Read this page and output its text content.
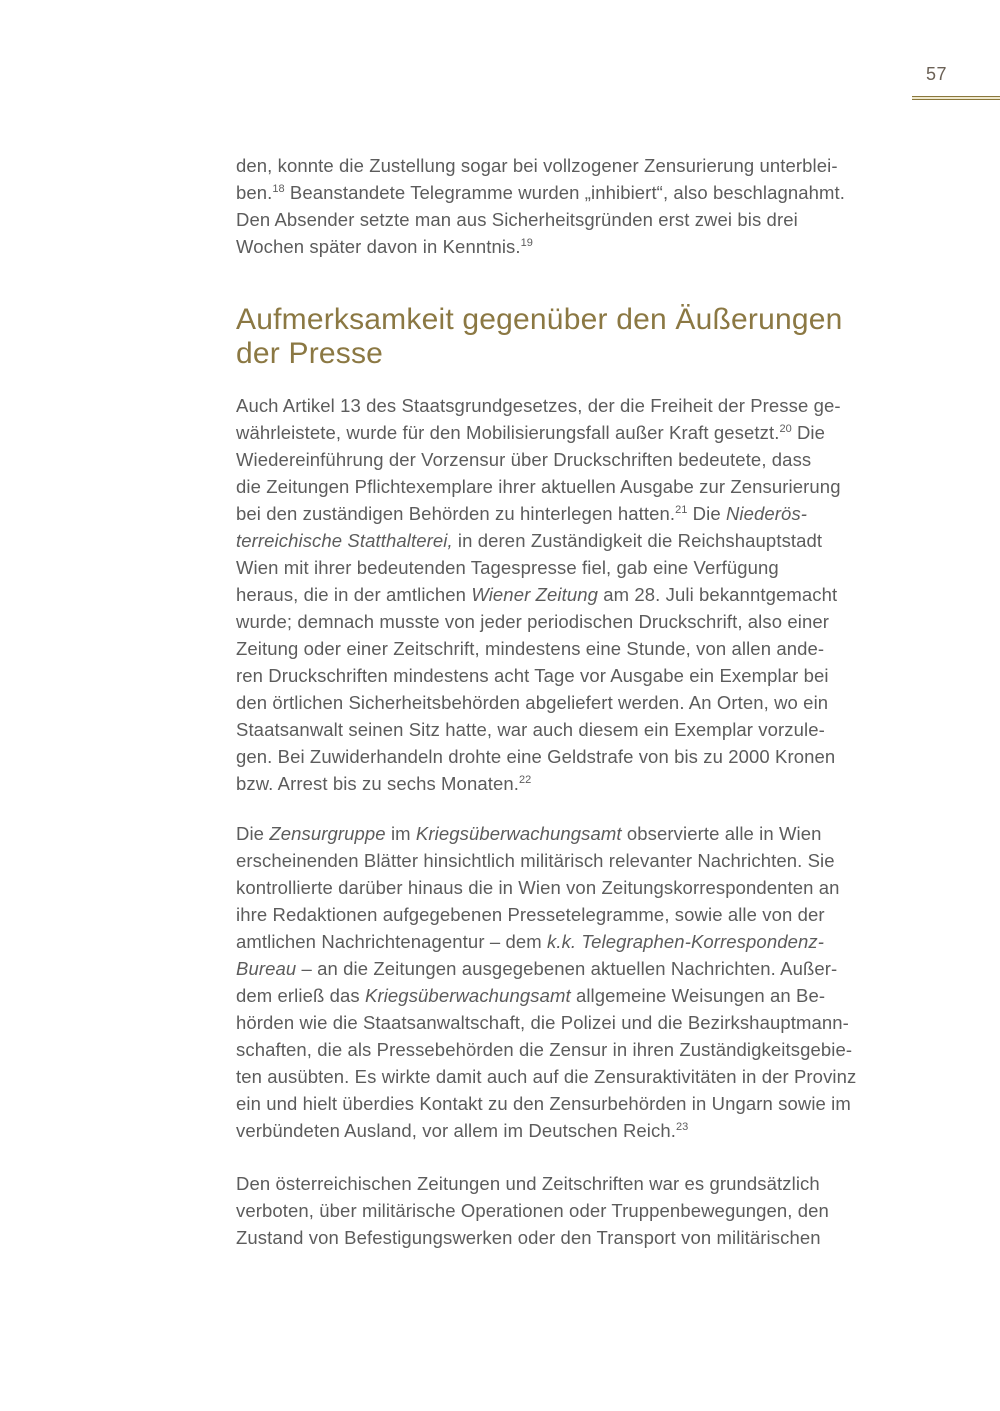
57
den, konnte die Zustellung sogar bei vollzogener Zensurierung unterblei-
ben.$^{18}$ Beanstandete Telegramme wurden „inhibiert“, also beschlagnahmt.
Den Absender setzte man aus Sicherheitsgründen erst zwei bis drei
Wochen später davon in Kenntnis.$^{19}$
Aufmerksamkeit gegenüber den Äußerungen
der Presse
Auch Artikel 13 des Staatsgrundgesetzes, der die Freiheit der Presse ge-
währleistete, wurde für den Mobilisierungsfall außer Kraft gesetzt.$^{20}$ Die
Wiedereinführung der Vorzensur über Druckschriften bedeutete, dass
die Zeitungen Pflichtexemplare ihrer aktuellen Ausgabe zur Zensurierung
bei den zuständigen Behörden zu hinterlegen hatten.$^{21}$ Die Niederös-
terreichische Statthalterei, in deren Zuständigkeit die Reichshauptstadt
Wien mit ihrer bedeutenden Tagespresse fiel, gab eine Verfügung
heraus, die in der amtlichen Wiener Zeitung am 28. Juli bekanntgemacht
wurde; demnach musste von jeder periodischen Druckschrift, also einer
Zeitung oder einer Zeitschrift, mindestens eine Stunde, von allen ande-
ren Druckschriften mindestens acht Tage vor Ausgabe ein Exemplar bei
den örtlichen Sicherheitsbehörden abgeliefert werden. An Orten, wo ein
Staatsanwalt seinen Sitz hatte, war auch diesem ein Exemplar vorzule-
gen. Bei Zuwiderhandeln drohte eine Geldstrafe von bis zu 2000 Kronen
bzw. Arrest bis zu sechs Monaten.$^{22}$
Die Zensurgruppe im Kriegsüberwachungsamt observierte alle in Wien
erscheinenden Blätter hinsichtlich militärisch relevanter Nachrichten. Sie
kontrollierte darüber hinaus die in Wien von Zeitungskorrespondenten an
ihre Redaktionen aufgegebenen Pressetelegramme, sowie alle von der
amtlichen Nachrichtenagentur – dem k.k. Telegraphen-Korrespondenz-
Bureau – an die Zeitungen ausgegebenen aktuellen Nachrichten. Außer-
dem erließ das Kriegsüberwachungsamt allgemeine Weisungen an Be-
hörden wie die Staatsanwaltschaft, die Polizei und die Bezirkshauptmann-
schaften, die als Pressebehörden die Zensur in ihren Zuständigkeitsgebie-
ten ausübten. Es wirkte damit auch auf die Zensuraktivitäten in der Provinz
ein und hielt überdies Kontakt zu den Zensurbehörden in Ungarn sowie im
verbündeten Ausland, vor allem im Deutschen Reich.$^{23}$
Den österreichischen Zeitungen und Zeitschriften war es grundsätzlich
verboten, über militärische Operationen oder Truppenbewegungen, den
Zustand von Befestigungswerken oder den Transport von militärischen
